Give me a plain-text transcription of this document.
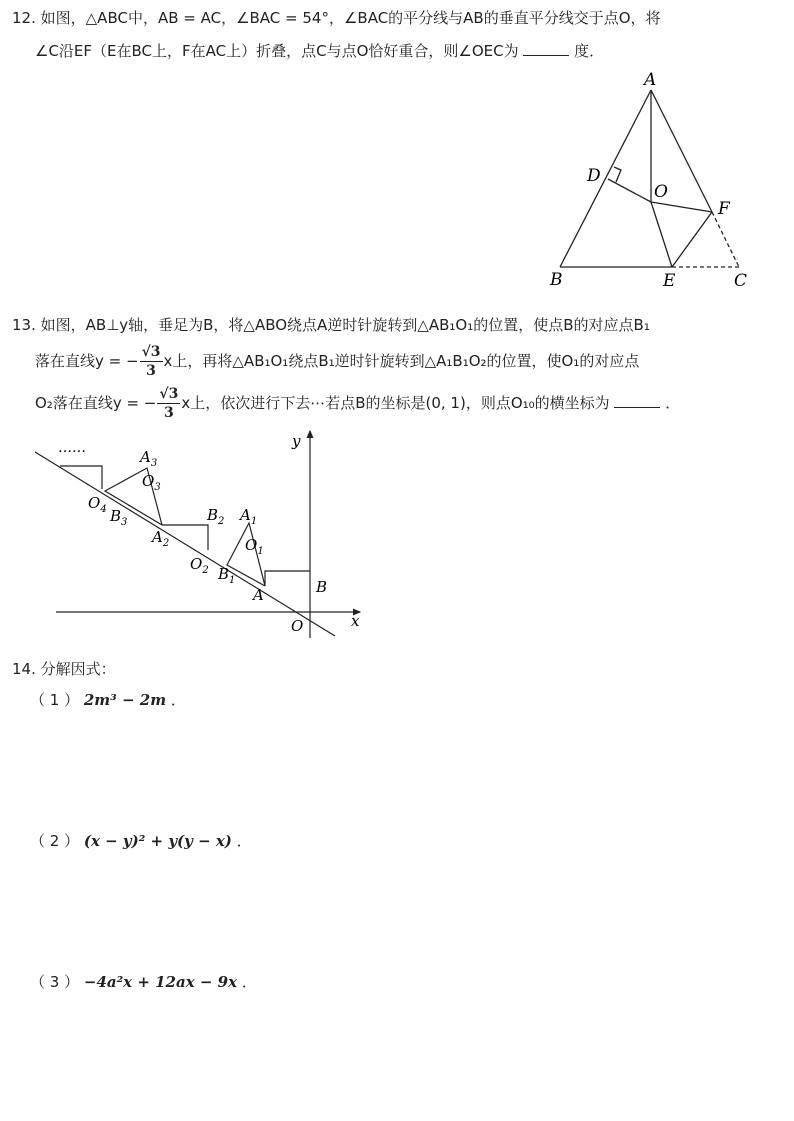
12. 如图，△ABC中，AB = AC，∠BAC = 54°，∠BAC的平分线与AB的垂直平分线交于点O，将
∠C沿EF（E在BC上，F在AC上）折叠，点C与点O恰好重合，则∠OEC为	度．
A
D
O
F
B	E	C
13. 如图，AB⊥y轴，垂足为B，将△ABO绕点A逆时针旋转到△AB₁O₁的位置，使点B的对应点B₁
落在直线y = − $\frac{√3}{3}$ x上，再将△AB₁O₁绕点B₁逆时针旋转到△A₁B₁O₂的位置，使O₁的对应点
O₂落在直线y = − $\frac{√3}{3}$ x上，依次进行下去⋯若点B的坐标是(0, 1)，则点O₁₀的横坐标为	．
……	$A_3$
$O_3$
$O_4$ $B_3$
$A_2$
$B_2$ $A_1$
$O_1$
$O_2$ $B_1$
A	B
O	x
y
14. 分解因式：
（ 1 ） 2m³ − 2m ．
（ 2 ） (x − y)² + y(y − x) ．
（ 3 ） −4a²x + 12ax − 9x ．
